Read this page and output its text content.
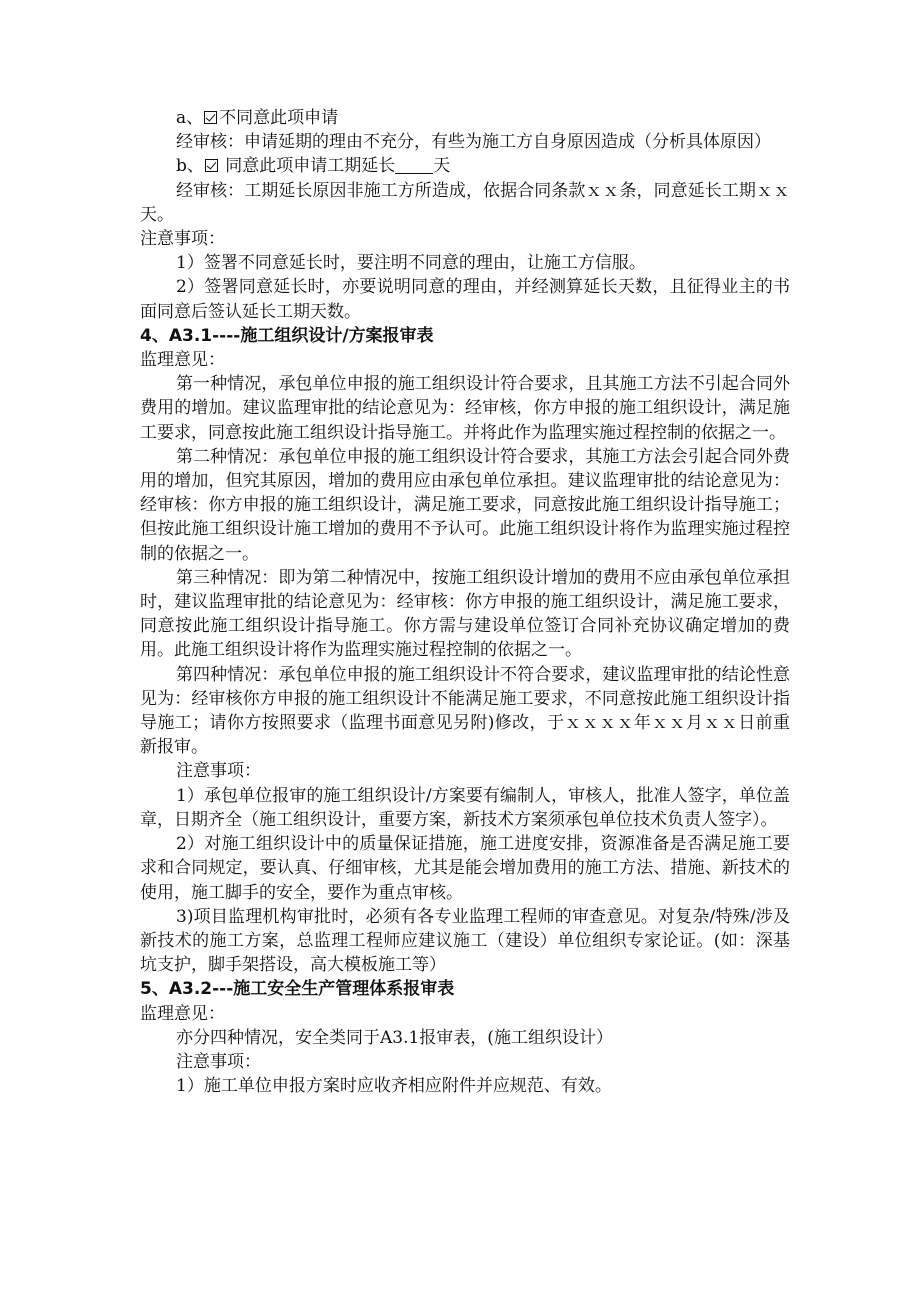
a、 不同意此项申请

经审核：申请延期的理由不充分，有些为施工方自身原因造成（分析具体原因）

b、 同意此项申请工期延长 天

经审核：工期延长原因非施工方所造成，依据合同条款ｘｘ条，同意延长工期ｘｘ天。

注意事项：

1）签署不同意延长时，要注明不同意的理由，让施工方信服。

2）签署同意延长时，亦要说明同意的理由，并经测算延长天数，且征得业主的书面同意后签认延长工期天数。

4、A3.1----施工组织设计/方案报审表

监理意见：

第一种情况，承包单位申报的施工组织设计符合要求，且其施工方法不引起合同外费用的增加。建议监理审批的结论意见为：经审核，你方申报的施工组织设计，满足施工要求，同意按此施工组织设计指导施工。并将此作为监理实施过程控制的依据之一。

第二种情况：承包单位申报的施工组织设计符合要求，其施工方法会引起合同外费用的增加，但究其原因，增加的费用应由承包单位承担。建议监理审批的结论意见为：经审核：你方申报的施工组织设计，满足施工要求，同意按此施工组织设计指导施工；但按此施工组织设计施工增加的费用不予认可。此施工组织设计将作为监理实施过程控制的依据之一。

第三种情况：即为第二种情况中，按施工组织设计增加的费用不应由承包单位承担时，建议监理审批的结论意见为：经审核：你方申报的施工组织设计，满足施工要求，同意按此施工组织设计指导施工。你方需与建设单位签订合同补充协议确定增加的费用。此施工组织设计将作为监理实施过程控制的依据之一。

第四种情况：承包单位申报的施工组织设计不符合要求，建议监理审批的结论性意见为：经审核你方申报的施工组织设计不能满足施工要求，不同意按此施工组织设计指导施工；请你方按照要求（监理书面意见另附)修改，于ｘｘｘｘ年ｘｘ月ｘｘ日前重新报审。

注意事项：

1）承包单位报审的施工组织设计/方案要有编制人，审核人，批准人签字，单位盖章，日期齐全（施工组织设计，重要方案，新技术方案须承包单位技术负责人签字）。

2）对施工组织设计中的质量保证措施，施工进度安排，资源准备是否满足施工要求和合同规定，要认真、仔细审核，尤其是能会增加费用的施工方法、措施、新技术的使用，施工脚手的安全，要作为重点审核。

3)项目监理机构审批时，必须有各专业监理工程师的审查意见。对复杂/特殊/涉及新技术的施工方案，总监理工程师应建议施工（建设）单位组织专家论证。(如：深基坑支护，脚手架搭设，高大模板施工等）

5、A3.2---施工安全生产管理体系报审表

监理意见：

亦分四种情况，安全类同于A3.1报审表，(施工组织设计）

注意事项：

1）施工单位申报方案时应收齐相应附件并应规范、有效。
